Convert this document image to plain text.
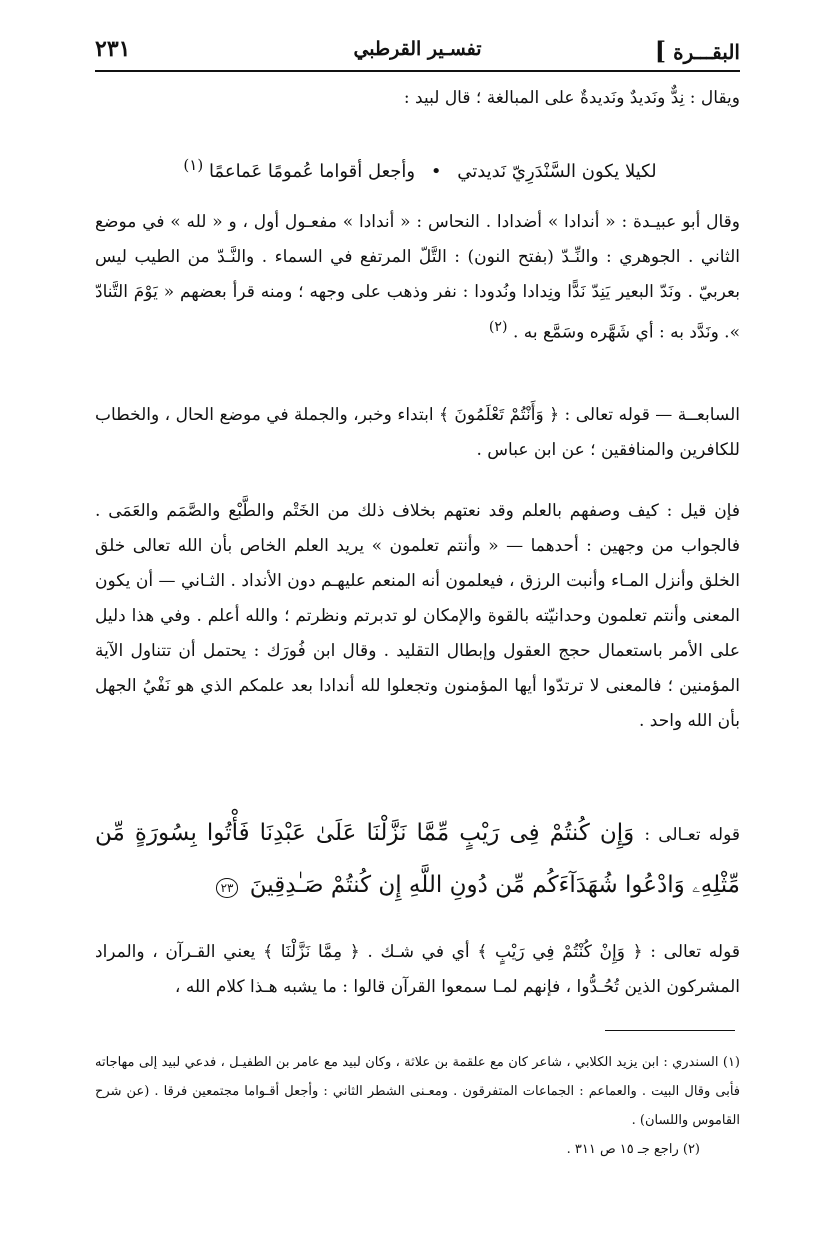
البقـــرة ]
تفسـير القرطبي
٢٣١

ويقال : نِدٌّ ونَديدٌ ونَديدةٌ على المبالغة ؛ قال لبيد :

لكيلا يكون السَّنْدَرِيّ نَديدتي • وأجعل أقواما عُمومًا عَماعمًا $^{(١)}$

وقال أبو عبيـدة : « أندادا » أضدادا . النحاس : « أندادا » مفعـول أول ، و « لله » في موضع الثاني . الجوهري : والنِّـدّ (بفتح النون) : التَّلّ المرتفع في السماء . والنَّـدّ من الطيب ليس بعربيّ . ونَدّ البعير يَنِدّ نَدًّا ونِدادا ونُدودا : نفر وذهب على وجهه ؛ ومنه قرأ بعضهم « يَوْمَ التَّنادّ ». ونَدَّد به : أي شَهَّره وسَمَّع به . $^{(٢)}$

السابعــة — قوله تعالى : ﴿ وَأَنْتُمْ تَعْلَمُونَ ﴾ ابتداء وخبر، والجملة في موضع الحال ، والخطاب للكافرين والمنافقين ؛ عن ابن عباس .

فإن قيل : كيف وصفهم بالعلم وقد نعتهم بخلاف ذلك من الخَتْم والطَّبْع والصَّمَم والعَمَى . فالجواب من وجهين : أحدهما — « وأنتم تعلمون » يريد العلم الخاص بأن الله تعالى خلق الخلق وأنزل المـاء وأنبت الرزق ، فيعلمون أنه المنعم عليهـم دون الأنداد . الثـاني — أن يكون المعنى وأنتم تعلمون وحدانيّته بالقوة والإمكان لو تدبرتم ونظرتم ؛ والله أعلم . وفي هذا دليل على الأمر باستعمال حجج العقول وإبطال التقليد . وقال ابن فُورَك : يحتمل أن تتناول الآية المؤمنين ؛ فالمعنى لا ترتدّوا أيها المؤمنون وتجعلوا لله أندادا بعد علمكم الذي هو نَفْيُ الجهل بأن الله واحد .

قوله تعـالى : وَإِن كُنتُمْ فِى رَيْبٍ مِّمَّا نَزَّلْنَا عَلَىٰ عَبْدِنَا فَأْتُوا بِسُورَةٍ مِّن مِّثْلِهِۦ وَادْعُوا شُهَدَآءَكُم مِّن دُونِ اللَّهِ إِن كُنتُمْ صَـٰدِقِينَ ٢٣

قوله تعالى : ﴿ وَإِنْ كُنْتُمْ فِي رَيْبٍ ﴾ أي في شـك . ﴿ مِمَّا نَزَّلْنَا ﴾ يعني القـرآن ، والمراد المشركون الذين تُحُـدُّوا ، فإنهم لمـا سمعوا القرآن قالوا : ما يشبه هـذا كلام الله ،

(١) السندري : ابن يزيد الكلابي ، شاعر كان مع علقمة بن علاثة ، وكان لبيد مع عامر بن الطفيـل ، فدعي لبيد إلى مهاجاته فأبى وقال البيت . والعماعم : الجماعات المتفرقون . ومعـنى الشطر الثاني : وأجعل أقـواما مجتمعين فرقا . (عن شرح القاموس واللسان) .

(٢) راجع جـ ١٥ ص ٣١١ .
